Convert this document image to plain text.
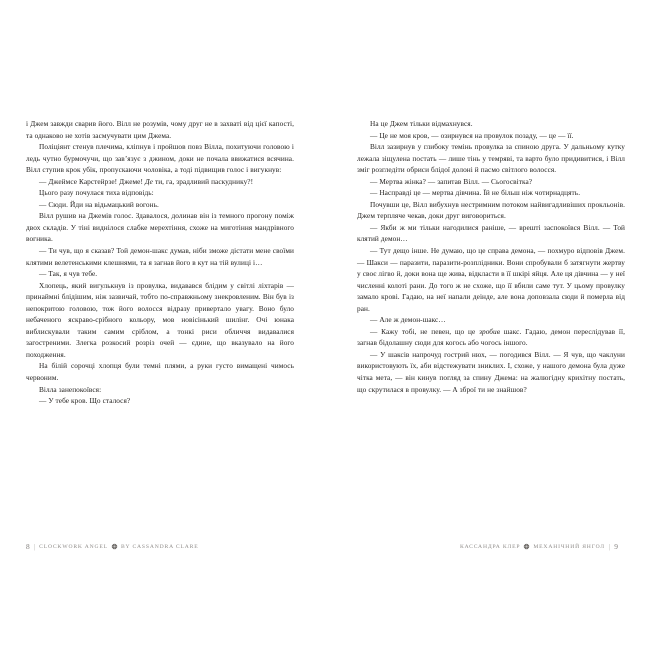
і Джем завжди сварив його. Вілл не розумів, чому друг не в захваті від цієї капості, та однаково не хотів засмучувати цим Джема.

Поліціянт стенув плечима, кліпнув і пройшов повз Вілла, похитуючи головою і ледь чутно бурмочучи, що зав’язує з джином, доки не почала ввижатися всячина. Вілл ступив крок убік, пропускаючи чоловіка, а тоді підвищив голос і вигукнув:

— Джеймсе Карстейрзе! Джеме! Де ти, га, зрадливий паскуднику?!

Цього разу почулася тиха відповідь:

— Сюди. Йди на відьмацький вогонь.

Вілл рушив на Джемів голос. Здавалося, долинав він із темного прогону поміж двох складів. У тіні виднілося слабке мерехтіння, схоже на миготіння мандрівного вогника.

— Ти чув, що я сказав? Той демон-шакс думав, ніби зможе дістати мене своїми клятими велетенськими клешнями, та я загнав його в кут на тій вулиці і…

— Так, я чув тебе.

Хлопець, який вигулькнув із провулка, видавався блідим у світлі ліхтарів — принаймні блідішим, ніж зазвичай, тобто по-справжньому знекровленим. Він був із непокритою головою, тож його волосся відразу привертало увагу. Воно було небаченого яскраво-срібного кольору, мов новісінький шилінг. Очі юнака виблискували таким самим сріблом, а тонкі риси обличчя видавалися загостреними. Злегка розкосий розріз очей — єдине, що вказувало на його походження.

На білій сорочці хлопця були темні плями, а руки густо вимащені чимось червоним.

Вілла занепокоївся:

— У тебе кров. Що сталося?

8 | CLOCKWORK ANGEL BY CASSANDRA CLARE

На це Джем тільки відмахнувся.

— Це не моя кров, — озирнувся на провулок позаду, — це — її.

Вілл зазирнув у глибоку темінь провулка за спиною друга. У дальньому кутку лежала зіщулена постать — лише тінь у темряві, та варто було придивитися, і Вілл зміг розгледіти обриси блідої долоні й пасмо світлого волосся.

— Мертва жінка? — запитав Вілл. — Сьогосвітка?

— Насправді це — мертва дівчина. Їй не більш ніж чотирнадцять.

Почувши це, Вілл вибухнув нестримним потоком найвигадливіших прокльонів. Джем терпляче чекав, доки друг виговориться.

— Якби ж ми тільки нагодилися раніше, — врешті заспокоївся Вілл. — Той клятий демон…

— Тут дещо інше. Не думаю, що це справа демона, — похмуро відповів Джем. — Шакси — паразити, паразити-розплідники. Вони спробували б затягнути жертву у своє лігво й, доки вона ще жива, відкласти в її шкірі яйця. Але ця дівчина — у неї численні колоті рани. До того ж не схоже, що її вбили саме тут. У цьому провулку замало крові. Гадаю, на неї напали деінде, але вона доповзала сюди й померла від ран.

— Але ж демон-шакс…

— Кажу тобі, не певен, що це зробив шакс. Гадаю, демон переслідував її, загнав бідолашну сюди для когось або чогось іншого.

— У шаксів напрочуд гострий нюх, — погодився Вілл. — Я чув, що чаклуни використовують їх, аби відстежувати зниклих. І, схоже, у нашого демона була дуже чітка мета, — він кинув погляд за спину Джема: на жалюгідну крихітну постать, що скрутилася в провулку. — А зброї ти не знайшов?

КАССАНДРА КЛЕР МЕХАНІЧНИЙ ЯНГОЛ | 9
